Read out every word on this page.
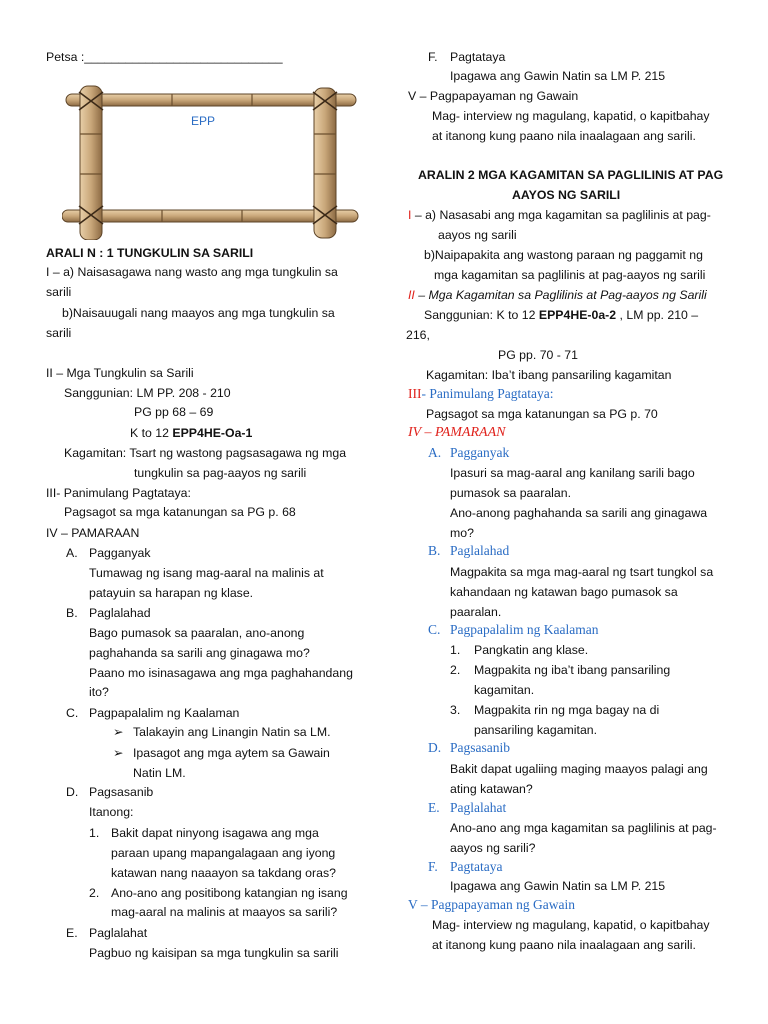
Petsa :_____________________________
EPP
ARALI N : 1 TUNGKULIN SA SARILI
I – a) Naisasagawa nang wasto ang mga tungkulin sa
sarili
b)Naisauugali nang maayos ang mga tungkulin sa
sarili
II – Mga Tungkulin sa Sarili
Sanggunian: LM PP. 208 - 210
PG pp 68 – 69
K to 12 EPP4HE-Oa-1
Kagamitan: Tsart ng wastong pagsasagawa ng mga
tungkulin sa pag-aayos ng sarili
III- Panimulang Pagtataya:
Pagsagot sa mga katanungan sa PG p. 68
IV – PAMARAAN
A. Pagganyak
Tumawag ng isang mag-aaral na malinis at
patayuin sa harapan ng klase.
B. Paglalahad
Bago pumasok sa paaralan, ano-anong
paghahanda sa sarili ang ginagawa mo?
Paano mo isinasagawa ang mga paghahandang
ito?
C. Pagpapalalim ng Kaalaman
➢ Talakayin ang Linangin Natin sa LM.
➢ Ipasagot ang mga aytem sa Gawain
Natin LM.
D. Pagsasanib
Itanong:
1. Bakit dapat ninyong isagawa ang mga
paraan upang mapangalagaan ang iyong
katawan nang naaayon sa takdang oras?
2. Ano-ano ang positibong katangian ng isang
mag-aaral na malinis at maayos sa sarili?
E. Paglalahat
Pagbuo ng kaisipan sa mga tungkulin sa sarili
F. Pagtataya
Ipagawa ang Gawin Natin sa LM P. 215
V – Pagpapayaman ng Gawain
Mag- interview ng magulang, kapatid, o kapitbahay
at itanong kung paano nila inaalagaan ang sarili.
ARALIN 2 MGA KAGAMITAN SA PAGLILINIS AT PAG
AAYOS NG SARILI
I – a) Nasasabi ang mga kagamitan sa paglilinis at pag-
aayos ng sarili
b)Naipapakita ang wastong paraan ng paggamit ng
mga kagamitan sa paglilinis at pag-aayos ng sarili
II – Mga Kagamitan sa Paglilinis at Pag-aayos ng Sarili
Sanggunian: K to 12 EPP4HE-0a-2 , LM pp. 210 –
216,
PG pp. 70 - 71
Kagamitan: Iba’t ibang pansariling kagamitan
III- Panimulang Pagtataya:
Pagsagot sa mga katanungan sa PG p. 70
IV – PAMARAAN
A. Pagganyak
Ipasuri sa mag-aaral ang kanilang sarili bago
pumasok sa paaralan.
Ano-anong paghahanda sa sarili ang ginagawa
mo?
B. Paglalahad
Magpakita sa mga mag-aaral ng tsart tungkol sa
kahandaan ng katawan bago pumasok sa
paaralan.
C. Pagpapalalim ng Kaalaman
1. Pangkatin ang klase.
2. Magpakita ng iba’t ibang pansariling
kagamitan.
3. Magpakita rin ng mga bagay na di
pansariling kagamitan.
D. Pagsasanib
Bakit dapat ugaliing maging maayos palagi ang
ating katawan?
E. Paglalahat
Ano-ano ang mga kagamitan sa paglilinis at pag-
aayos ng sarili?
F. Pagtataya
Ipagawa ang Gawin Natin sa LM P. 215
V – Pagpapayaman ng Gawain
Mag- interview ng magulang, kapatid, o kapitbahay
at itanong kung paano nila inaalagaan ang sarili.
